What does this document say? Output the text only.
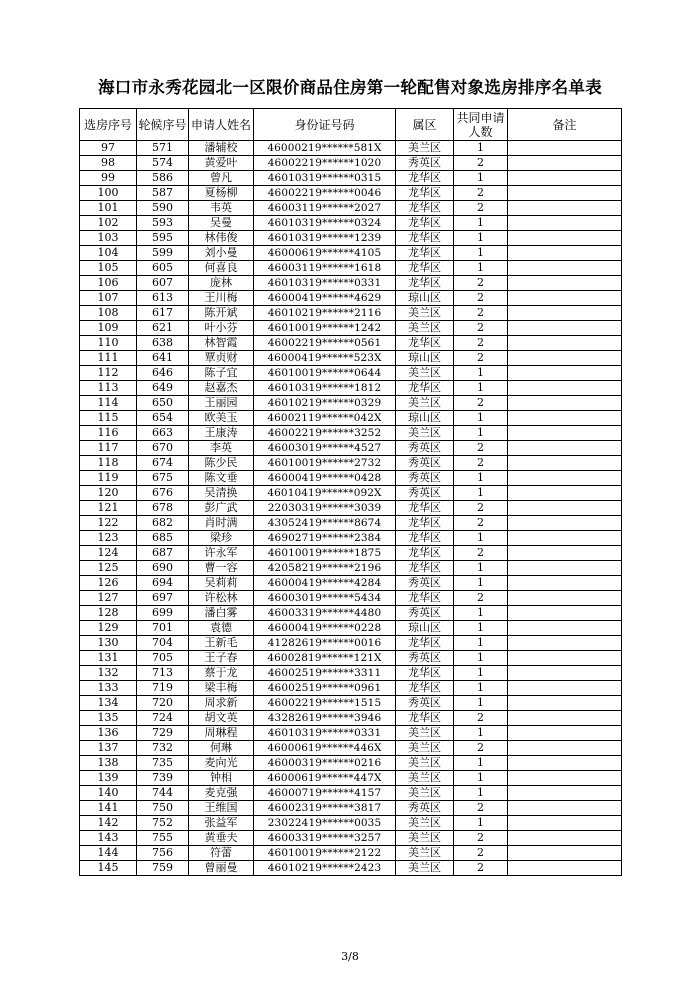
海口市永秀花园北一区限价商品住房第一轮配售对象选房排序名单表
选房序号	轮候序号	申请人姓名	身份证号码	属区	共同申请人数	备注
97	571	潘辅校	46000219******581X	美兰区	1	
98	574	黄爱叶	46002219******1020	秀英区	2	
99	586	曾凡	46010319******0315	龙华区	1	
100	587	夏杨柳	46002219******0046	龙华区	2	
101	590	韦英	46003119******2027	龙华区	2	
102	593	吴曼	46010319******0324	龙华区	1	
103	595	林伟俊	46010319******1239	龙华区	1	
104	599	刘小曼	46000619******4105	龙华区	1	
105	605	何喜良	46003119******1618	龙华区	1	
106	607	庞林	46010319******0331	龙华区	2	
107	613	王川梅	46000419******4629	琼山区	2	
108	617	陈开斌	46010219******2116	美兰区	2	
109	621	叶小芬	46010019******1242	美兰区	2	
110	638	林智霞	46002219******0561	龙华区	2	
111	641	覃贞财	46000419******523X	琼山区	2	
112	646	陈子宜	46010019******0644	美兰区	1	
113	649	赵嘉杰	46010319******1812	龙华区	1	
114	650	王丽园	46010219******0329	美兰区	2	
115	654	欧美玉	46002119******042X	琼山区	1	
116	663	王康涛	46002219******3252	美兰区	1	
117	670	李英	46003019******4527	秀英区	2	
118	674	陈少民	46010019******2732	秀英区	2	
119	675	陈文垂	46000419******0428	秀英区	1	
120	676	吴清换	46010419******092X	秀英区	1	
121	678	彭广武	22030319******3039	龙华区	2	
122	682	肖时满	43052419******8674	龙华区	2	
123	685	梁珍	46902719******2384	龙华区	1	
124	687	许永军	46010019******1875	龙华区	2	
125	690	曹一容	42058219******2196	龙华区	1	
126	694	吴莉莉	46000419******4284	秀英区	1	
127	697	许松林	46003019******5434	龙华区	2	
128	699	潘白雾	46003319******4480	秀英区	1	
129	701	袁德	46000419******0228	琼山区	1	
130	704	王新毛	41282619******0016	龙华区	1	
131	705	王子春	46002819******121X	秀英区	1	
132	713	蔡于龙	46002519******3311	龙华区	1	
133	719	梁丰梅	46002519******0961	龙华区	1	
134	720	周求新	46002219******1515	秀英区	1	
135	724	胡文英	43282619******3946	龙华区	2	
136	729	周琳程	46010319******0331	美兰区	1	
137	732	何琳	46000619******446X	美兰区	2	
138	735	麦向光	46000319******0216	美兰区	1	
139	739	钟相	46000619******447X	美兰区	1	
140	744	麦克强	46000719******4157	美兰区	1	
141	750	王维国	46002319******3817	秀英区	2	
142	752	张益军	23022419******0035	美兰区	1	
143	755	黄垂夫	46003319******3257	美兰区	2	
144	756	符蕾	46010019******2122	美兰区	2	
145	759	曾丽曼	46010219******2423	美兰区	2	
3/8
